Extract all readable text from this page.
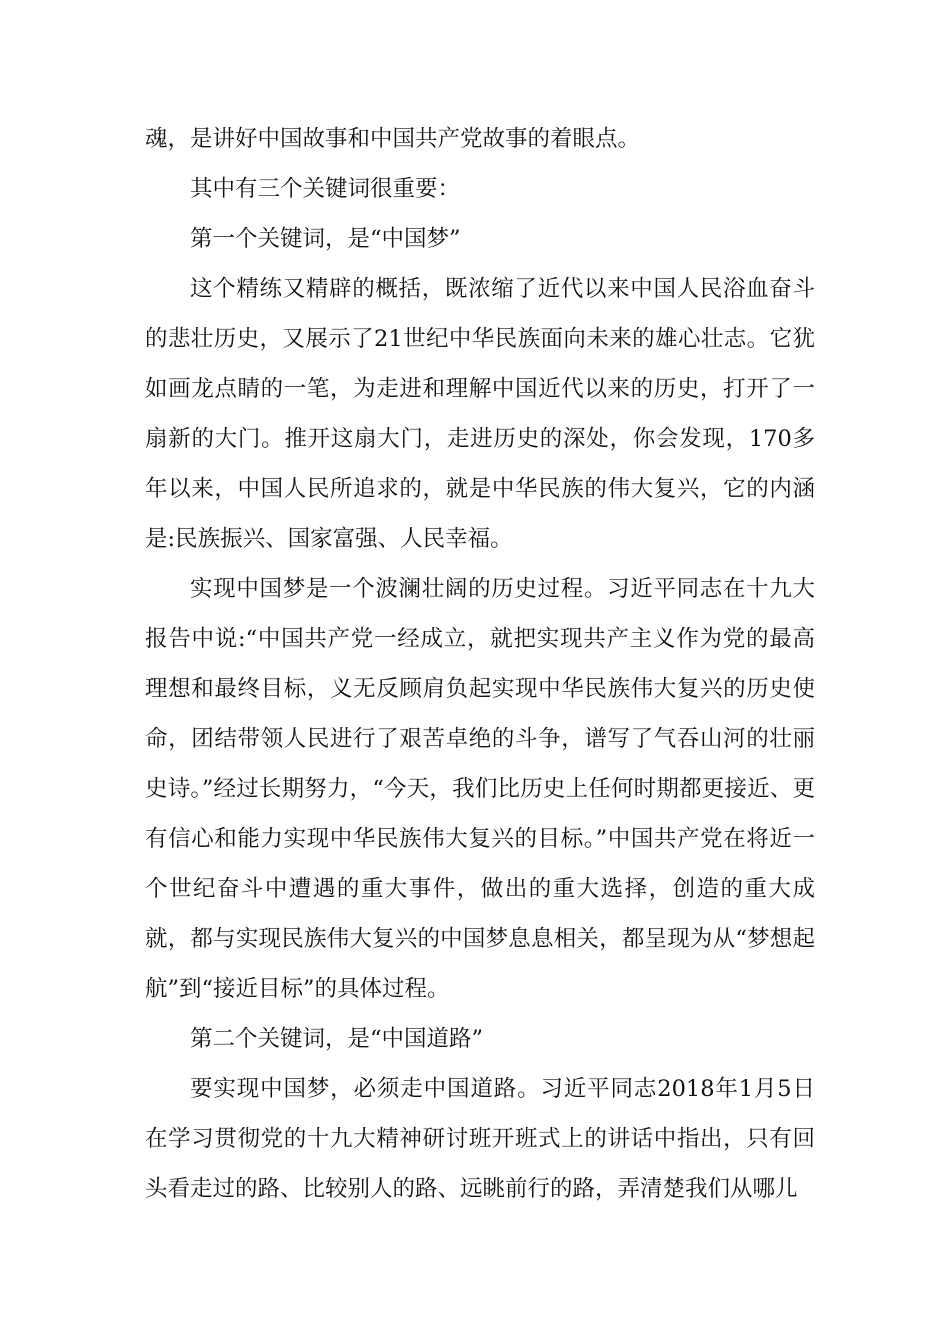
魂，是讲好中国故事和中国共产党故事的着眼点。

其中有三个关键词很重要：

第一个关键词，是“中国梦”

这个精练又精辟的概括，既浓缩了近代以来中国人民浴血奋斗的悲壮历史，又展示了21世纪中华民族面向未来的雄心壮志。它犹如画龙点睛的一笔，为走进和理解中国近代以来的历史，打开了一扇新的大门。推开这扇大门，走进历史的深处，你会发现，170多年以来，中国人民所追求的，就是中华民族的伟大复兴，它的内涵是:民族振兴、国家富强、人民幸福。

实现中国梦是一个波澜壮阔的历史过程。习近平同志在十九大报告中说:“中国共产党一经成立，就把实现共产主义作为党的最高理想和最终目标，义无反顾肩负起实现中华民族伟大复兴的历史使命，团结带领人民进行了艰苦卓绝的斗争，谱写了气吞山河的壮丽史诗。”经过长期努力，“今天，我们比历史上任何时期都更接近、更有信心和能力实现中华民族伟大复兴的目标。”中国共产党在将近一个世纪奋斗中遭遇的重大事件，做出的重大选择，创造的重大成就，都与实现民族伟大复兴的中国梦息息相关，都呈现为从“梦想起航”到“接近目标”的具体过程。

第二个关键词，是“中国道路”

要实现中国梦，必须走中国道路。习近平同志2018年1月5日在学习贯彻党的十九大精神研讨班开班式上的讲话中指出，只有回头看走过的路、比较别人的路、远眺前行的路，弄清楚我们从哪儿
